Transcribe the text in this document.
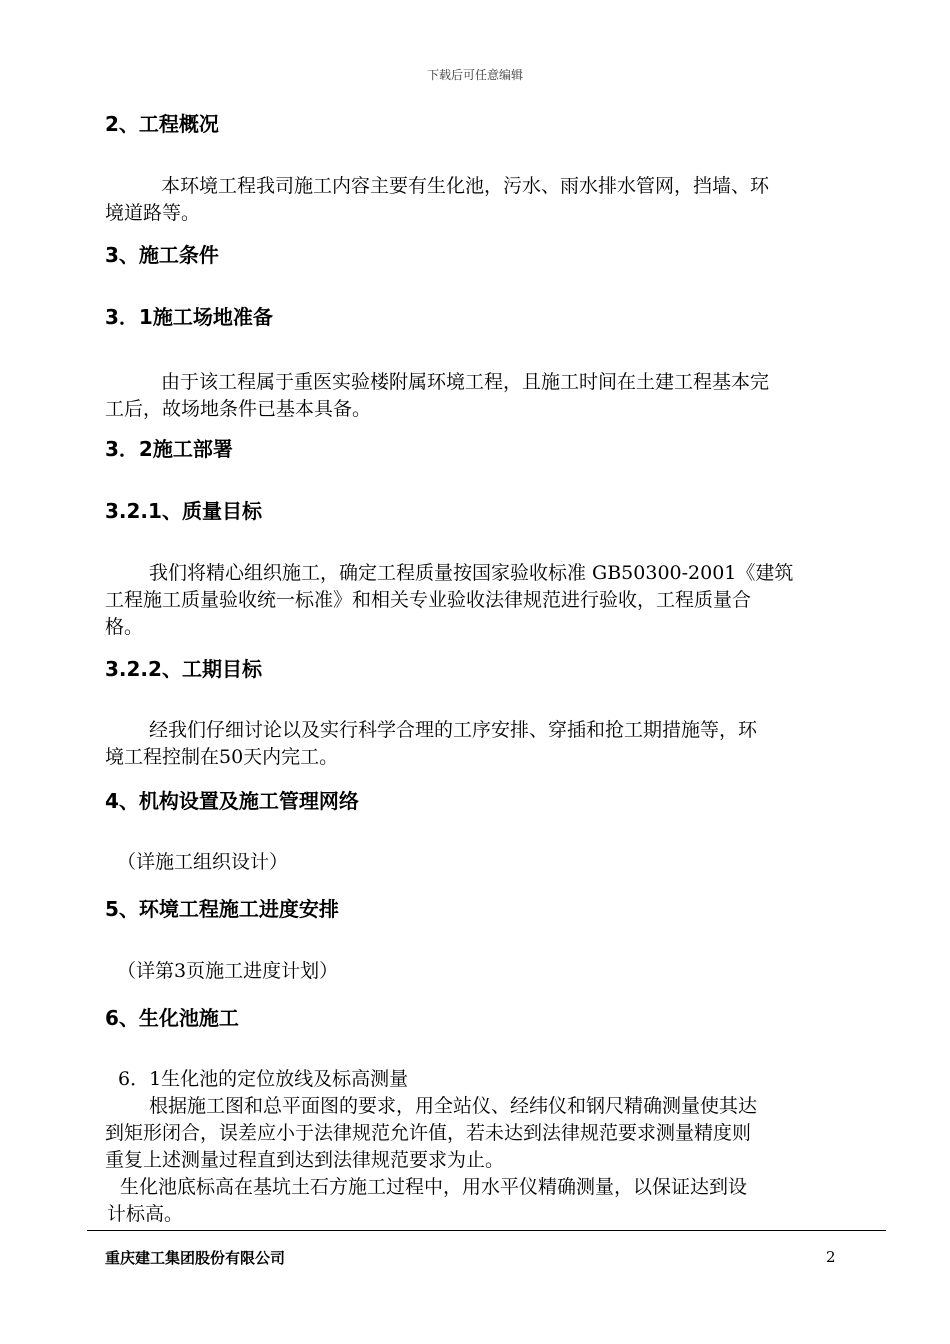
下载后可任意编辑
2、工程概况
本环境工程我司施工内容主要有生化池，污水、雨水排水管网，挡墙、环
境道路等。
3、施工条件
3．1施工场地准备
由于该工程属于重医实验楼附属环境工程，且施工时间在土建工程基本完
工后，故场地条件已基本具备。
3．2施工部署
3.2.1、质量目标
我们将精心组织施工，确定工程质量按国家验收标准 GB50300-2001《建筑
工程施工质量验收统一标准》和相关专业验收法律规范进行验收，工程质量合
格。
3.2.2、工期目标
经我们仔细讨论以及实行科学合理的工序安排、穿插和抢工期措施等，环
境工程控制在50天内完工。
4、机构设置及施工管理网络
（详施工组织设计）
5、环境工程施工进度安排
（详第3页施工进度计划）
6、生化池施工
6．1生化池的定位放线及标高测量
根据施工图和总平面图的要求，用全站仪、经纬仪和钢尺精确测量使其达
到矩形闭合，误差应小于法律规范允许值，若未达到法律规范要求测量精度则
重复上述测量过程直到达到法律规范要求为止。
生化池底标高在基坑土石方施工过程中，用水平仪精确测量，以保证达到设
计标高。
重庆建工集团股份有限公司	2
